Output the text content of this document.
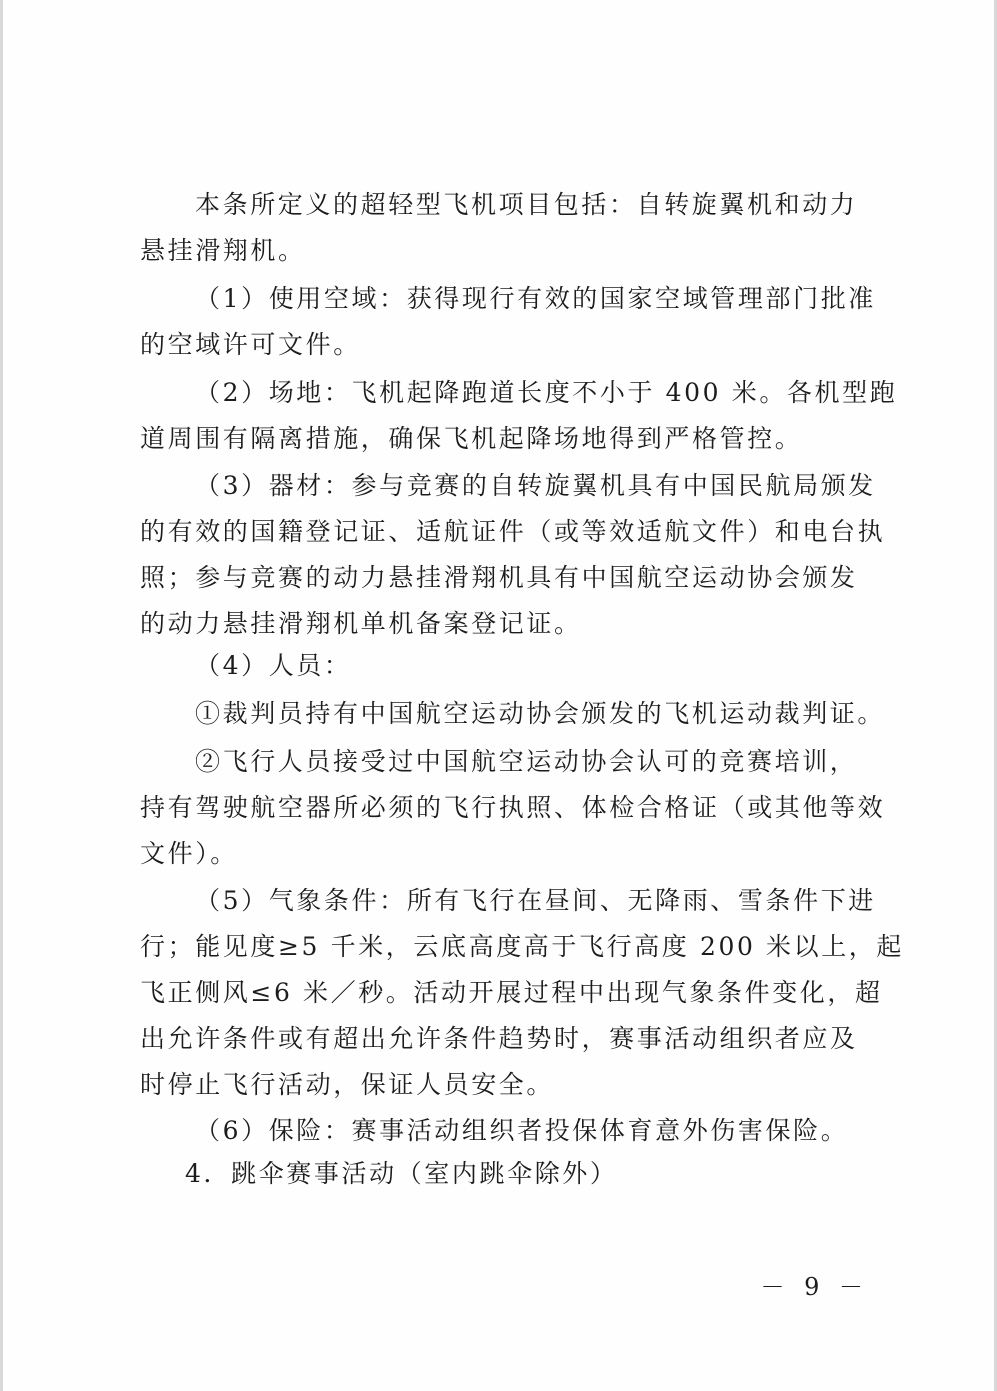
本条所定义的超轻型飞机项目包括：自转旋翼机和动力
悬挂滑翔机。
（1）使用空域：获得现行有效的国家空域管理部门批准
的空域许可文件。
（2）场地：飞机起降跑道长度不小于 400 米。各机型跑
道周围有隔离措施，确保飞机起降场地得到严格管控。
（3）器材：参与竞赛的自转旋翼机具有中国民航局颁发
的有效的国籍登记证、适航证件（或等效适航文件）和电台执
照；参与竞赛的动力悬挂滑翔机具有中国航空运动协会颁发
的动力悬挂滑翔机单机备案登记证。
（4）人员：
①裁判员持有中国航空运动协会颁发的飞机运动裁判证。
②飞行人员接受过中国航空运动协会认可的竞赛培训，
持有驾驶航空器所必须的飞行执照、体检合格证（或其他等效
文件）。
（5）气象条件：所有飞行在昼间、无降雨、雪条件下进
行；能见度≥5 千米，云底高度高于飞行高度 200 米以上，起
飞正侧风≤6 米／秒。活动开展过程中出现气象条件变化，超
出允许条件或有超出允许条件趋势时，赛事活动组织者应及
时停止飞行活动，保证人员安全。
（6）保险：赛事活动组织者投保体育意外伤害保险。
4．跳伞赛事活动（室内跳伞除外）
－ 9 －
